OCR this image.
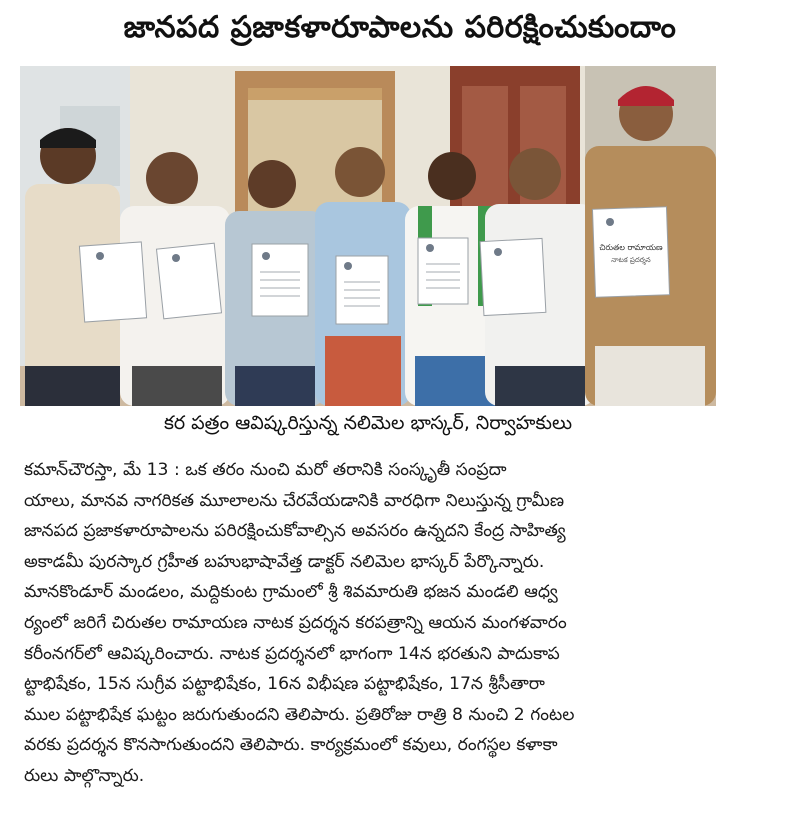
జానపద ప్రజాకళారూపాలను పరిరక్షించుకుందాం
చిరుతల రామాయణ
నాటక ప్రదర్శన
కర పత్రం ఆవిష్కరిస్తున్న నలిమెల భాస్కర్, నిర్వాహకులు
కమాన్‌చౌరస్తా, మే 13 : ఒక తరం నుంచి మరో తరానికి సంస్కృతీ సంప్రదా
యాలు, మానవ నాగరికత మూలాలను చేరవేయడానికి వారధిగా నిలుస్తున్న గ్రామీణ
జానపద ప్రజాకళారూపాలను పరిరక్షించుకోవాల్సిన అవసరం ఉన్నదని కేంద్ర సాహిత్య
అకాడమీ పురస్కార గ్రహీత బహుభాషావేత్త డాక్టర్ నలిమెల భాస్కర్ పేర్కొన్నారు.
మానకొండూర్ మండలం, మద్దికుంట గ్రామంలో శ్రీ శివమారుతి భజన మండలి ఆధ్వ
ర్యంలో జరిగే చిరుతల రామాయణ నాటక ప్రదర్శన కరపత్రాన్ని ఆయన మంగళవారం
కరీంనగర్‌లో ఆవిష్కరించారు. నాటక ప్రదర్శనలో భాగంగా 14న భరతుని పాదుకాప
ట్టాభిషేకం, 15న సుగ్రీవ పట్టాభిషేకం, 16న విభీషణ పట్టాభిషేకం, 17న శ్రీసీతారా
ముల పట్టాభిషేక ఘట్టం జరుగుతుందని తెలిపారు. ప్రతిరోజు రాత్రి 8 నుంచి 2 గంటల
వరకు ప్రదర్శన కొనసాగుతుందని తెలిపారు. కార్యక్రమంలో కవులు, రంగస్థల కళాకా
రులు పాల్గొన్నారు.
